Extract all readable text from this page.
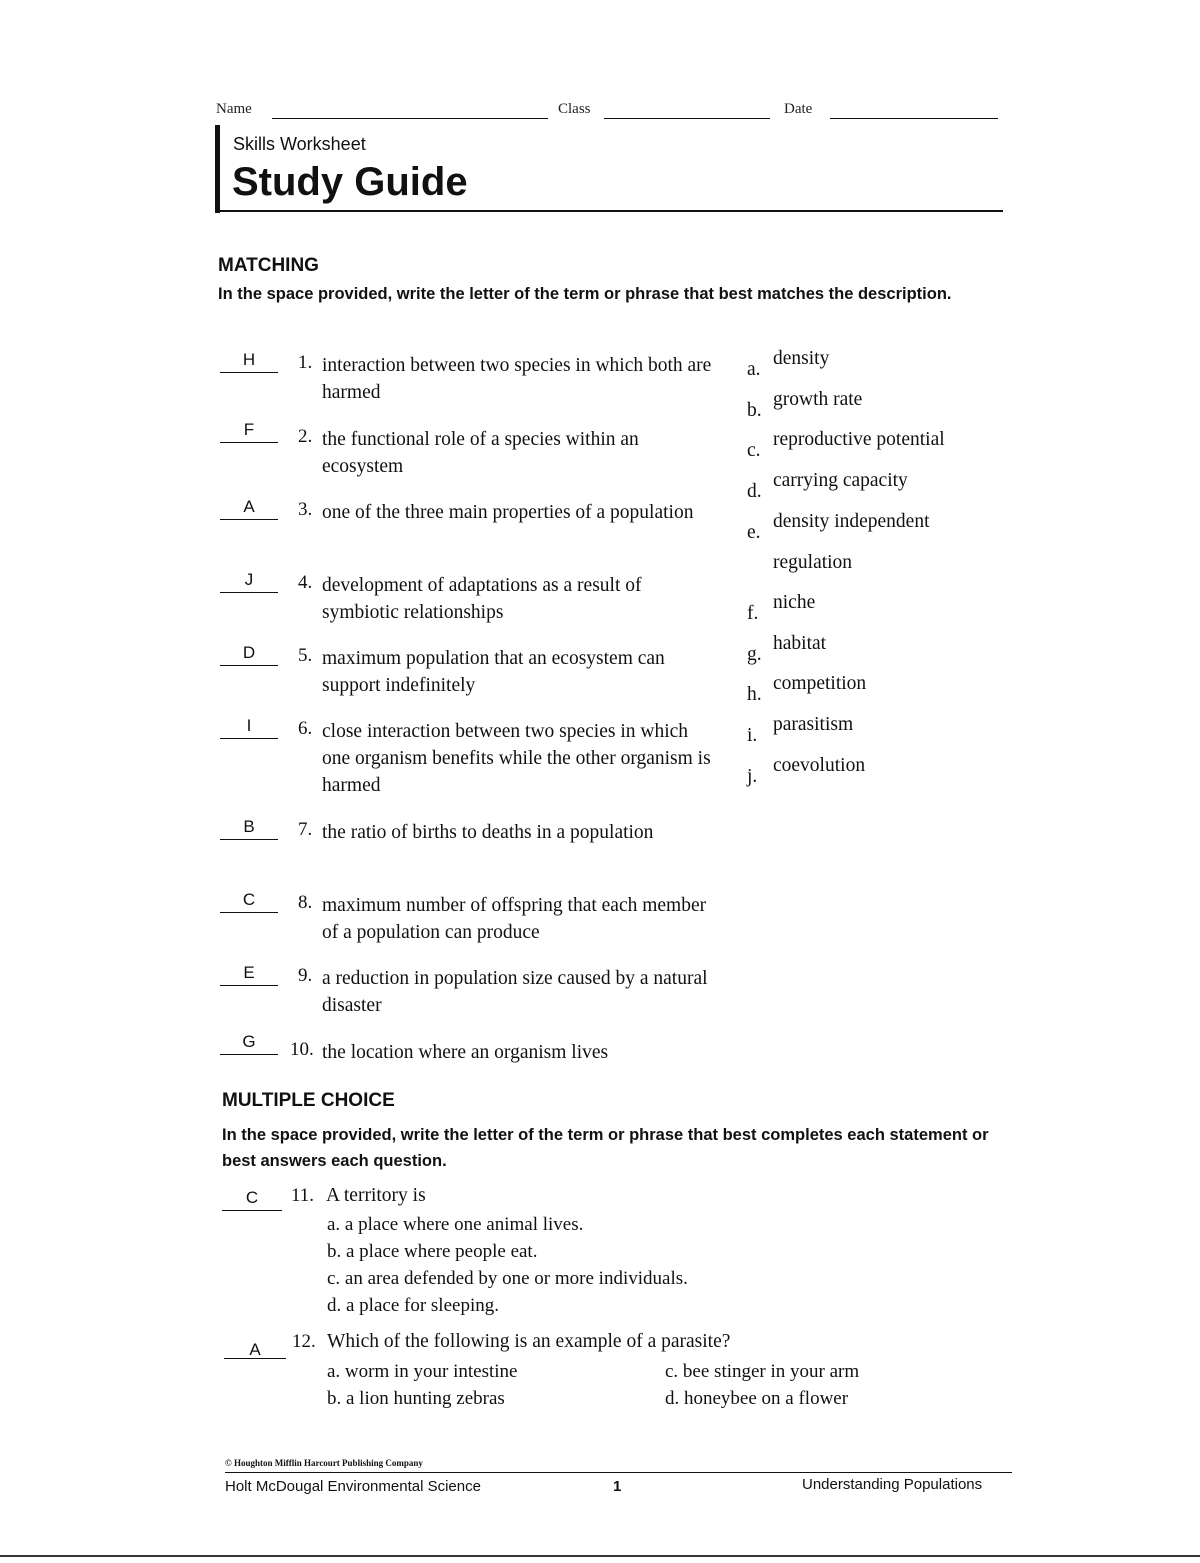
Name	Class	Date
Skills Worksheet
Study Guide
MATCHING
In the space provided, write the letter of the term or phrase that best matches the description.
H	1. interaction between two species in which both are harmed
F	2. the functional role of a species within an ecosystem
A	3. one of the three main properties of a population
J	4. development of adaptations as a result of symbiotic relationships
D	5. maximum population that an ecosystem can support indefinitely
I	6. close interaction between two species in which one organism benefits while the other organism is harmed
B	7. the ratio of births to deaths in a population
C	8. maximum number of offspring that each member of a population can produce
E	9. a reduction in population size caused by a natural disaster
G	10. the location where an organism lives
a.
density
b.
growth rate
c.
reproductive potential
d.
carrying capacity
e.
density independent regulation
f.
niche
g.
habitat
h.
competition
i.
parasitism
j.
coevolution
MULTIPLE CHOICE
In the space provided, write the letter of the term or phrase that best completes each statement or best answers each question.
C	11. A territory is
a. a place where one animal lives.
b. a place where people eat.
c. an area defended by one or more individuals.
d. a place for sleeping.
A	12. Which of the following is an example of a parasite?
a. worm in your intestine	c. bee stinger in your arm
b. a lion hunting zebras	d. honeybee on a flower
© Houghton Mifflin Harcourt Publishing Company
Holt McDougal Environmental Science	1	Understanding Populations
